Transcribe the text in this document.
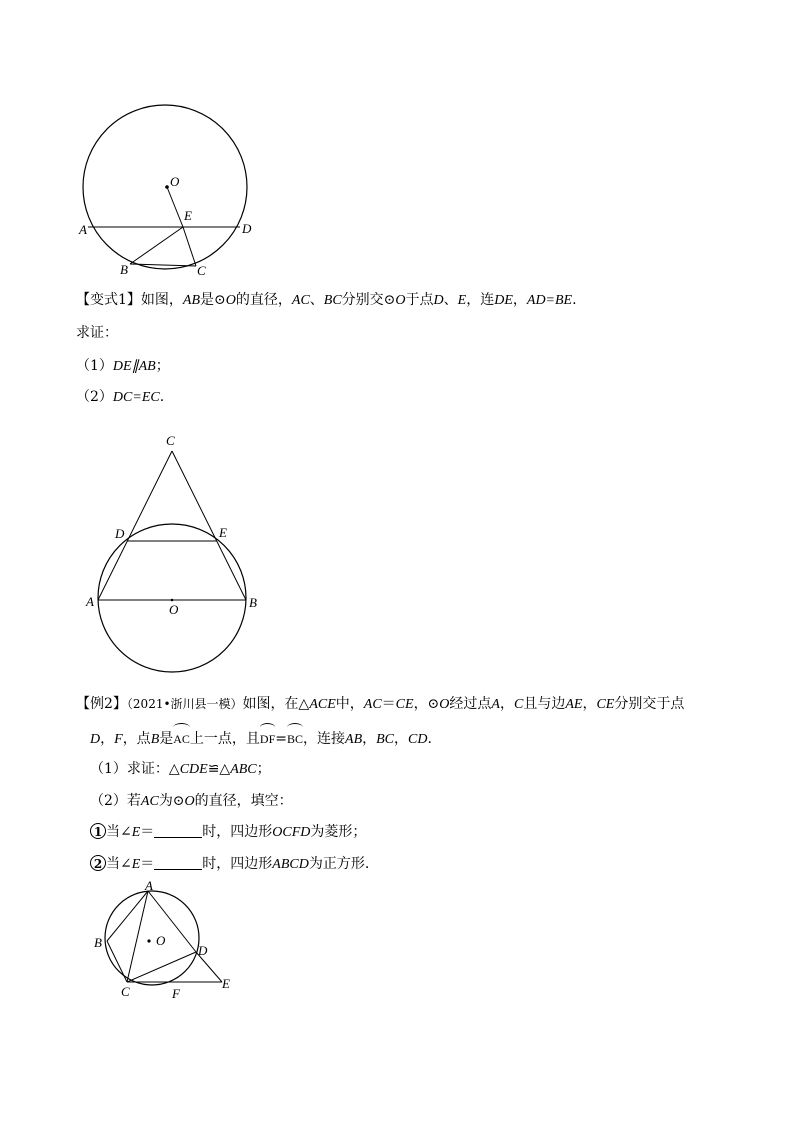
O
E
A	D
B	C
【变式1】如图，AB是⊙O的直径，AC、BC分别交⊙O于点D、E，连DE，AD=BE.
求证：
（1）DE∥AB；
（2）DC=EC.
C
D	E
A
O	B
【例2】（2021•浙川县一模）如图，在△ACE中，AC＝CE，⊙O经过点A，C且与边AE，CE分别交于点
D，F，点B是AC上一点，且DF=BC，连接AB，BC，CD.
（1）求证：△CDE≌△ABC；
（2）若AC为⊙O的直径，填空：
1 当∠E＝	时，四边形OCFD为菱形；
2 当∠E＝	时，四边形ABCD为正方形.
A
B	O
D
C	F
E
